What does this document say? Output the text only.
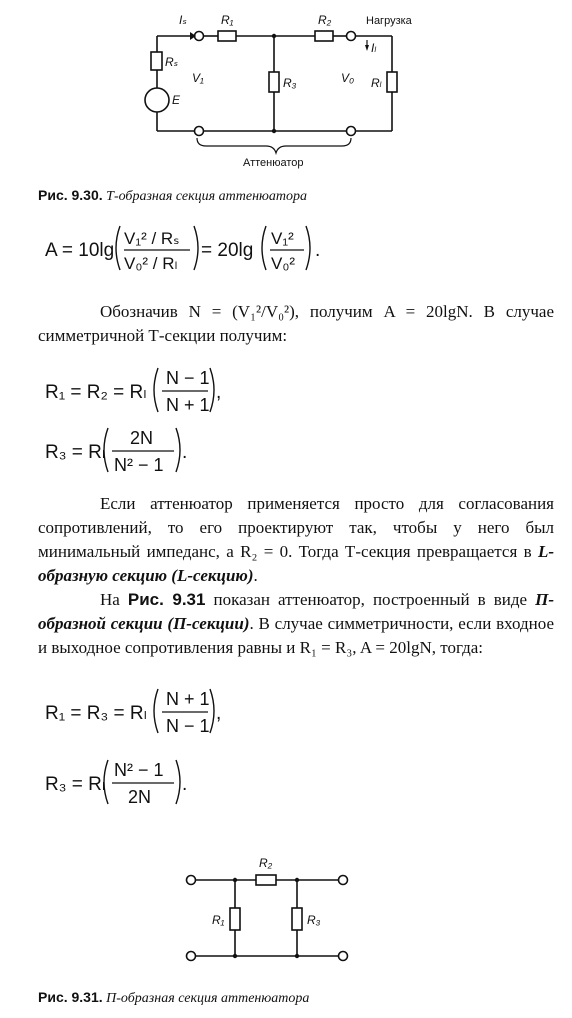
Iₛ	R₁	R₂	Нагрузка
Iₗ
Rₛ
V₁	R₃	V₀ Rₗ
E
Аттенюатор
Рис. 9.30. Т-образная секция аттенюатора
A = 10lg
V₁² / Rₛ
V₀² / Rₗ
= 20lg
V₁²
V₀²
.
Обозначив N = (V₁²/V₀²), получим A = 20lgN. В случае симметричной Т-секции получим:
R₁ = R₂ = Rₗ
N − 1
N + 1
,
R₃ = Rₗ
2N
N² − 1
.
Если аттенюатор применяется просто для согласования сопротивлений, то его проектируют так, чтобы у него был минимальный импеданс, а R₂ = 0. Тогда Т-секция превращается в L-образную секцию (L-секцию).
На Рис. 9.31 показан аттенюатор, построенный в виде П-образной секции (П-секции). В случае симметричности, если входное и выходное сопротивления равны и R₁ = R₃, A = 20lgN, тогда:
R₁ = R₃ = Rₗ
N + 1
N − 1
,
R₃ = Rₗ
N² − 1
2N
.
R₂
R₁	R₃
Рис. 9.31. П-образная секция аттенюатора
